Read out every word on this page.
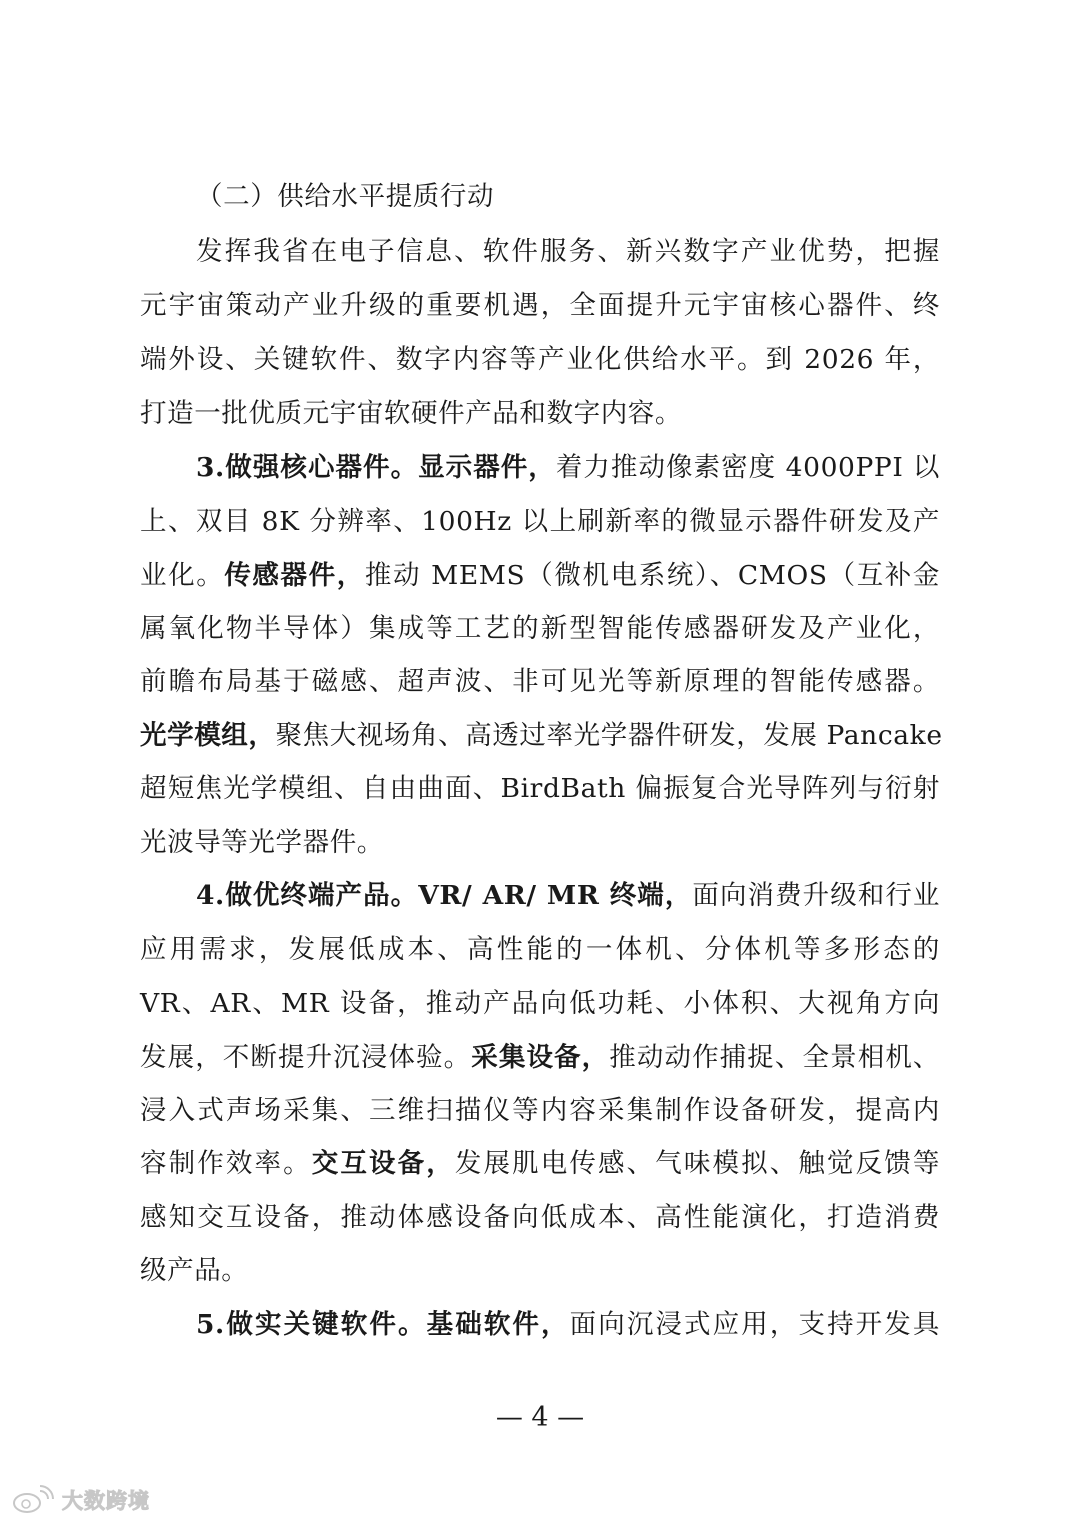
（二）供给水平提质行动
发挥我省在电子信息、软件服务、新兴数字产业优势，把握
元宇宙策动产业升级的重要机遇，全面提升元宇宙核心器件、终
端外设、关键软件、数字内容等产业化供给水平。到 2026 年，
打造一批优质元宇宙软硬件产品和数字内容。
3.做强核心器件。显示器件，着力推动像素密度 4000PPI 以
上、双目 8K 分辨率、100Hz 以上刷新率的微显示器件研发及产
业化。传感器件，推动 MEMS（微机电系统）、CMOS（互补金
属氧化物半导体）集成等工艺的新型智能传感器研发及产业化，
前瞻布局基于磁感、超声波、非可见光等新原理的智能传感器。
光学模组，聚焦大视场角、高透过率光学器件研发，发展 Pancake
超短焦光学模组、自由曲面、BirdBath 偏振复合光导阵列与衍射
光波导等光学器件。
4.做优终端产品。VR/ AR/ MR 终端，面向消费升级和行业
应用需求，发展低成本、高性能的一体机、分体机等多形态的
VR、AR、MR 设备，推动产品向低功耗、小体积、大视角方向
发展，不断提升沉浸体验。采集设备，推动动作捕捉、全景相机、
浸入式声场采集、三维扫描仪等内容采集制作设备研发，提高内
容制作效率。交互设备，发展肌电传感、气味模拟、触觉反馈等
感知交互设备，推动体感设备向低成本、高性能演化，打造消费
级产品。
5.做实关键软件。基础软件，面向沉浸式应用，支持开发具
— 4 —
大数跨境
